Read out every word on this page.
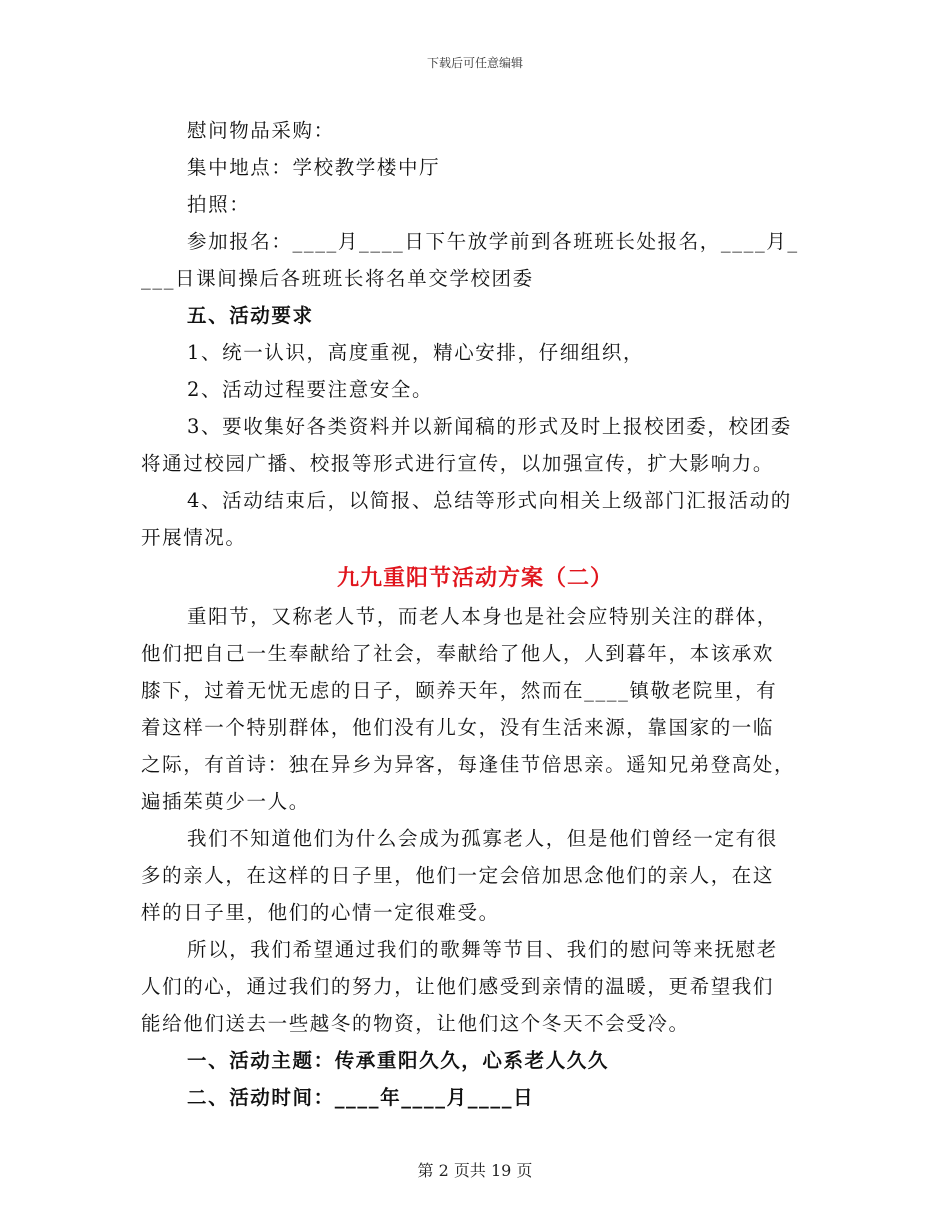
下载后可任意编辑
慰问物品采购：
集中地点：学校教学楼中厅
拍照：
参加报名：____月____日下午放学前到各班班长处报名，____月_
___日课间操后各班班长将名单交学校团委
五、活动要求
1、统一认识，高度重视，精心安排，仔细组织，
2、活动过程要注意安全。
3、要收集好各类资料并以新闻稿的形式及时上报校团委，校团委
将通过校园广播、校报等形式进行宣传，以加强宣传，扩大影响力。
4、活动结束后，以简报、总结等形式向相关上级部门汇报活动的
开展情况。
九九重阳节活动方案（二）
重阳节，又称老人节，而老人本身也是社会应特别关注的群体，
他们把自己一生奉献给了社会，奉献给了他人，人到暮年，本该承欢
膝下，过着无忧无虑的日子，颐养天年，然而在____镇敬老院里，有
着这样一个特别群体，他们没有儿女，没有生活来源，靠国家的一临
之际，有首诗：独在异乡为异客，每逢佳节倍思亲。遥知兄弟登高处，
遍插茱萸少一人。
我们不知道他们为什么会成为孤寡老人，但是他们曾经一定有很
多的亲人，在这样的日子里，他们一定会倍加思念他们的亲人，在这
样的日子里，他们的心情一定很难受。
所以，我们希望通过我们的歌舞等节目、我们的慰问等来抚慰老
人们的心，通过我们的努力，让他们感受到亲情的温暖，更希望我们
能给他们送去一些越冬的物资，让他们这个冬天不会受冷。
一、活动主题：传承重阳久久，心系老人久久
二、活动时间：____年____月____日
第 2 页共 19 页
